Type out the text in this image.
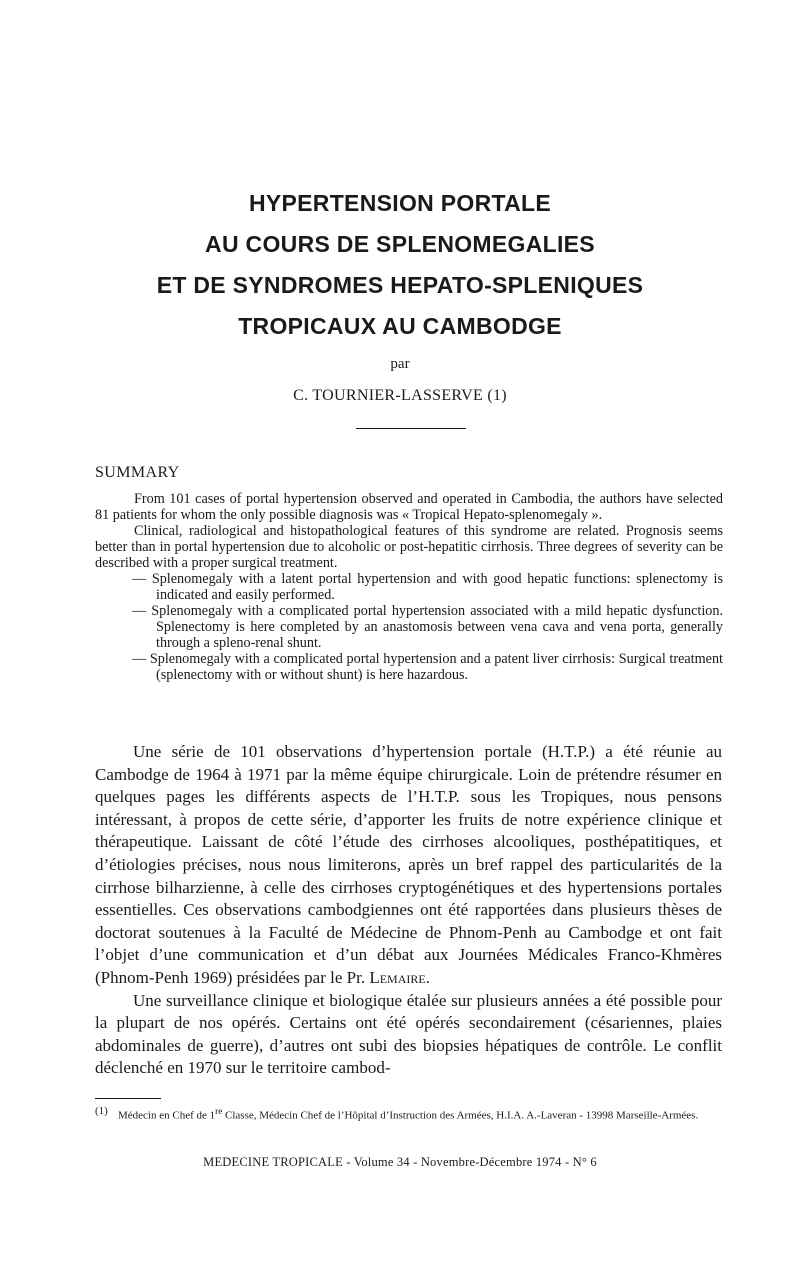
HYPERTENSION PORTALE
AU COURS DE SPLENOMEGALIES
ET DE SYNDROMES HEPATO-SPLENIQUES
TROPICAUX AU CAMBODGE
par
C. TOURNIER-LASSERVE (1)
SUMMARY

From 101 cases of portal hypertension observed and operated in Cambodia, the authors have selected 81 patients for whom the only possible diagnosis was « Tropical Hepato-splenomegaly ».

Clinical, radiological and histopathological features of this syndrome are related. Prognosis seems better than in portal hypertension due to alcoholic or post-hepatitic cirrhosis. Three degrees of severity can be described with a proper surgical treatment.

— Splenomegaly with a latent portal hypertension and with good hepatic functions: splenectomy is indicated and easily performed.

— Splenomegaly with a complicated portal hypertension associated with a mild hepatic dysfunction. Splenectomy is here completed by an anastomosis between vena cava and vena porta, generally through a spleno-renal shunt.

— Splenomegaly with a complicated portal hypertension and a patent liver cirrhosis: Surgical treatment (splenectomy with or without shunt) is here hazardous.

Une série de 101 observations d’hypertension portale (H.T.P.) a été réunie au Cambodge de 1964 à 1971 par la même équipe chirurgicale. Loin de prétendre résumer en quelques pages les différents aspects de l’H.T.P. sous les Tropiques, nous pensons intéressant, à propos de cette série, d’apporter les fruits de notre expérience clinique et thérapeutique. Laissant de côté l’étude des cirrhoses alcooliques, posthépatitiques, et d’étiologies précises, nous nous limiterons, après un bref rappel des particularités de la cirrhose bilharzienne, à celle des cirrhoses cryptogénétiques et des hypertensions portales essentielles. Ces observations cambodgiennes ont été rapportées dans plusieurs thèses de doctorat soutenues à la Faculté de Médecine de Phnom-Penh au Cambodge et ont fait l’objet d’une communication et d’un débat aux Journées Médicales Franco-Khmères (Phnom-Penh 1969) présidées par le Pr. Lemaire.

Une surveillance clinique et biologique étalée sur plusieurs années a été possible pour la plupart de nos opérés. Certains ont été opérés secondairement (césariennes, plaies abdominales de guerre), d’autres ont subi des biopsies hépatiques de contrôle. Le conflit déclenché en 1970 sur le territoire cambod-

(1) Médecin en Chef de 1re Classe, Médecin Chef de l’Hôpital d’Instruction des Armées, H.I.A. A.-Laveran - 13998 Marseille-Armées.
MEDECINE TROPICALE - Volume 34 - Novembre-Décembre 1974 - N° 6
